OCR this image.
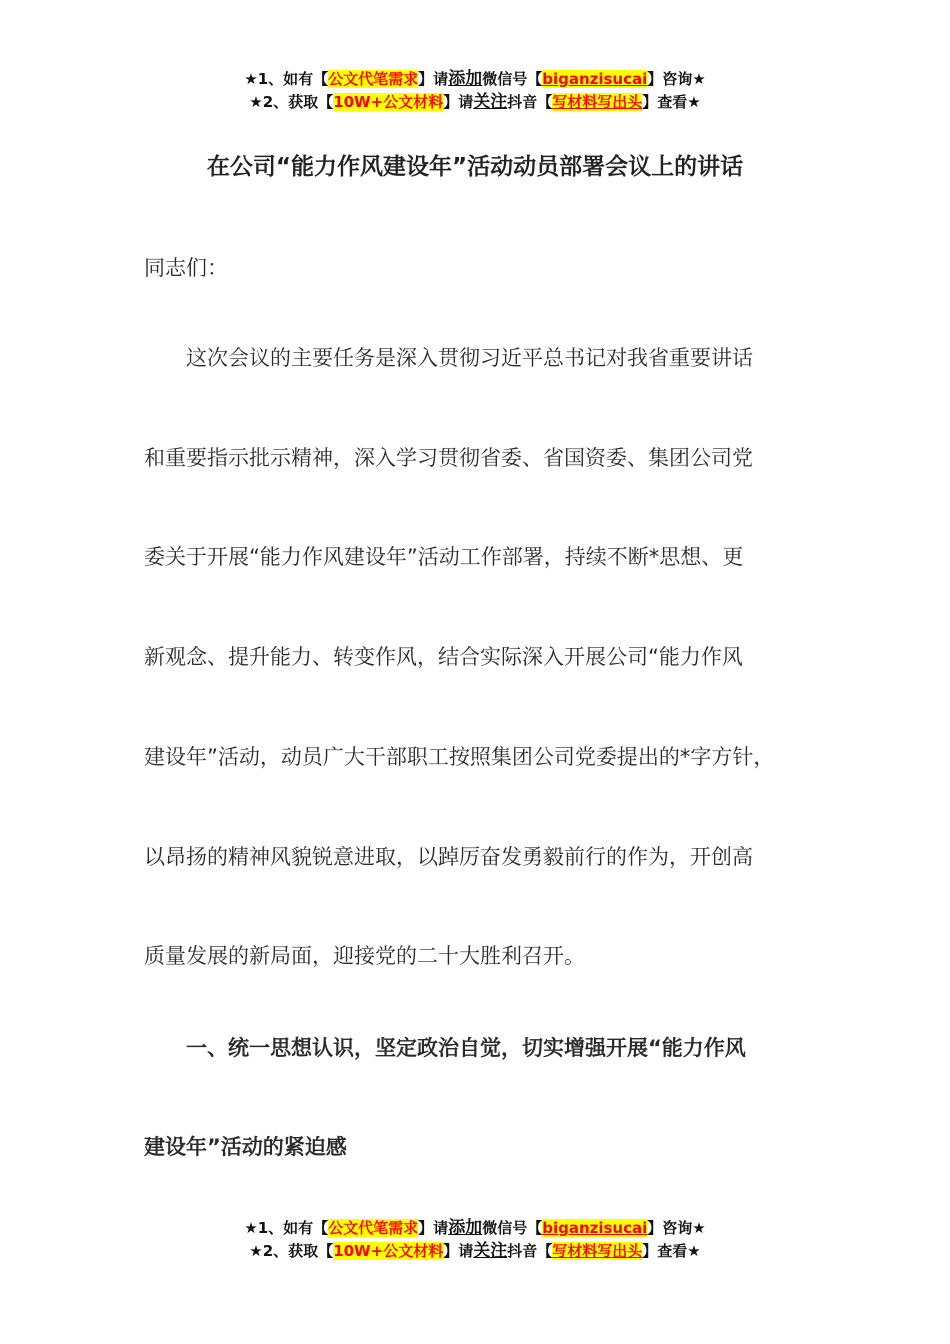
★1、如有【公文代笔需求】请添加微信号【biganzisucai】咨询★
★2、获取【10W+公文材料】请关注抖音【写材料写出头】查看★
在公司“能力作风建设年”活动动员部署会议上的讲话
同志们：
　　这次会议的主要任务是深入贯彻习近平总书记对我省重要讲话
和重要指示批示精神，深入学习贯彻省委、省国资委、集团公司党
委关于开展“能力作风建设年”活动工作部署，持续不断*思想、更
新观念、提升能力、转变作风，结合实际深入开展公司“能力作风
建设年”活动，动员广大干部职工按照集团公司党委提出的*字方针，
以昂扬的精神风貌锐意进取，以踔厉奋发勇毅前行的作为，开创高
质量发展的新局面，迎接党的二十大胜利召开。
　　一、统一思想认识，坚定政治自觉，切实增强开展“能力作风
建设年”活动的紧迫感
★1、如有【公文代笔需求】请添加微信号【biganzisucai】咨询★
★2、获取【10W+公文材料】请关注抖音【写材料写出头】查看★
